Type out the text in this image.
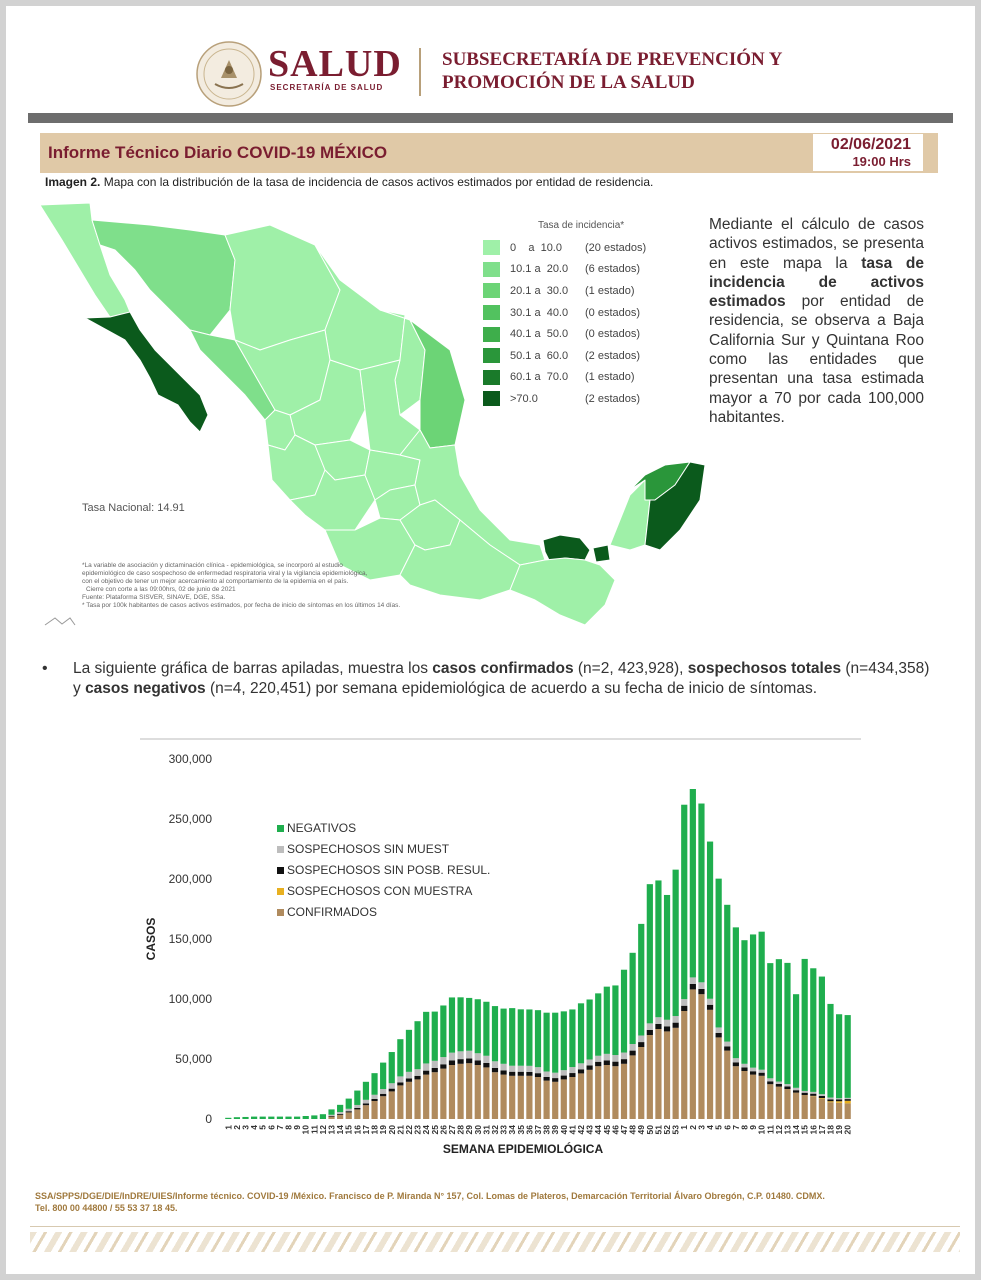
SALUD
SECRETARÍA DE SALUD
SUBSECRETARÍA DE PREVENCIÓN Y
PROMOCIÓN DE LA SALUD
Informe Técnico Diario COVID-19 MÉXICO	02/06/2021
19:00 Hrs
Imagen 2. Mapa con la distribución de la tasa de incidencia de casos activos estimados por entidad de residencia.
Tasa de incidencia*
0    a  10.0	(20 estados)
10.1 a  20.0	(6 estados)
20.1 a  30.0	(1 estado)
30.1 a  40.0	(0 estados)
40.1 a  50.0	(0 estados)
50.1 a  60.0	(2 estados)
60.1 a  70.0	(1 estado)
>70.0	(2 estados)
Tasa Nacional: 14.91
*La variable de asociación y dictaminación clínica - epidemiológica, se incorporó al estudio
epidemiológico de caso sospechoso de enfermedad respiratoria viral y la vigilancia epidemiológica,
con el objetivo de tener un mejor acercamiento al comportamiento de la epidemia en el país.
Cierre con corte a las 09:00hrs, 02 de junio de 2021
Fuente: Plataforma SISVER, SINAVE, DGE, SSa.
* Tasa por 100k habitantes de casos activos estimados, por fecha de inicio de síntomas en los últimos 14 días.
Mediante el cálculo de casos activos estimados, se presenta en este mapa la tasa de incidencia de activos estimados por entidad de residencia, se observa a Baja California Sur y Quintana Roo como las entidades que presentan una tasa estimada mayor a 70 por cada 100,000 habitantes.
• La siguiente gráfica de barras apiladas, muestra los casos confirmados (n=2, 423,928), sospechosos totales (n=434,358) y casos negativos (n=4, 220,451) por semana epidemiológica de acuerdo a su fecha de inicio de síntomas.
0
50,000
100,000
150,000
200,000
250,000
300,000
CASOS
1
2
3
4
5
6
7
8
9
10
11
12
13
14
15
16
17
18
19
20
21
22
23
24
25
26
27
28
29
30
31
32
33
34
35
36
37
38
39
40
41
42
43
44
45
46
47
48
49
50
51
52
53
1
2
3
4
5
6
7
8
9
10
11
12
13
14
15
16
17
18
19
20
SEMANA EPIDEMIOLÓGICA
NEGATIVOS
SOSPECHOSOS SIN MUEST
SOSPECHOSOS SIN POSB. RESUL.
SOSPECHOSOS CON MUESTRA
CONFIRMADOS
SSA/SPPS/DGE/DIE/InDRE/UIES/Informe técnico. COVID-19 /México. Francisco de P. Miranda N° 157, Col. Lomas de Plateros, Demarcación Territorial Álvaro Obregón, C.P. 01480. CDMX.
Tel. 800 00 44800 / 55 53 37 18 45.
